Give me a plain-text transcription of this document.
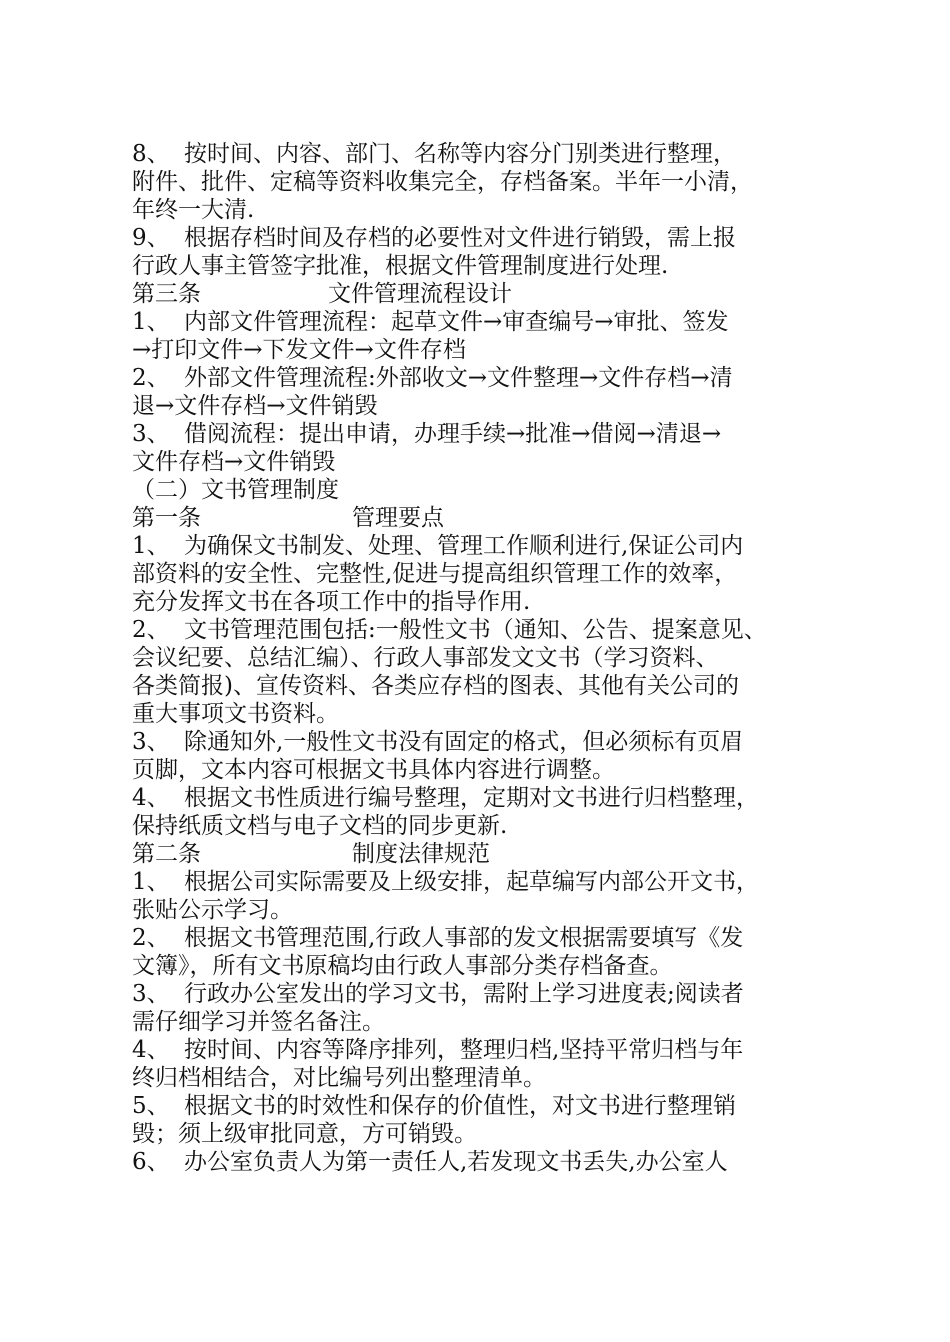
8、 按时间、内容、部门、名称等内容分门别类进行整理，
附件、批件、定稿等资料收集完全，存档备案。半年一小清，
年终一大清.
9、 根据存档时间及存档的必要性对文件进行销毁，需上报
行政人事主管签字批准，根据文件管理制度进行处理.
第三条	文件管理流程设计
1、 内部文件管理流程：起草文件→审查编号→审批、签发
→打印文件→下发文件→文件存档
2、 外部文件管理流程:外部收文→文件整理→文件存档→清
退→文件存档→文件销毁
3、 借阅流程：提出申请，办理手续→批准→借阅→清退→
文件存档→文件销毁
（二）文书管理制度
第一条	管理要点
1、 为确保文书制发、处理、管理工作顺利进行,保证公司内
部资料的安全性、完整性,促进与提高组织管理工作的效率，
充分发挥文书在各项工作中的指导作用.
2、 文书管理范围包括:一般性文书（通知、公告、提案意见、
会议纪要、总结汇编）、行政人事部发文文书（学习资料、
各类简报)、宣传资料、各类应存档的图表、其他有关公司的
重大事项文书资料。
3、 除通知外,一般性文书没有固定的格式，但必须标有页眉
页脚，文本内容可根据文书具体内容进行调整。
4、 根据文书性质进行编号整理，定期对文书进行归档整理，
保持纸质文档与电子文档的同步更新.
第二条	制度法律规范
1、 根据公司实际需要及上级安排，起草编写内部公开文书，
张贴公示学习。
2、 根据文书管理范围,行政人事部的发文根据需要填写《发
文簿》，所有文书原稿均由行政人事部分类存档备查。
3、 行政办公室发出的学习文书，需附上学习进度表;阅读者
需仔细学习并签名备注。
4、 按时间、内容等降序排列，整理归档,坚持平常归档与年
终归档相结合，对比编号列出整理清单。
5、 根据文书的时效性和保存的价值性，对文书进行整理销
毁；须上级审批同意，方可销毁。
6、 办公室负责人为第一责任人,若发现文书丢失,办公室人
